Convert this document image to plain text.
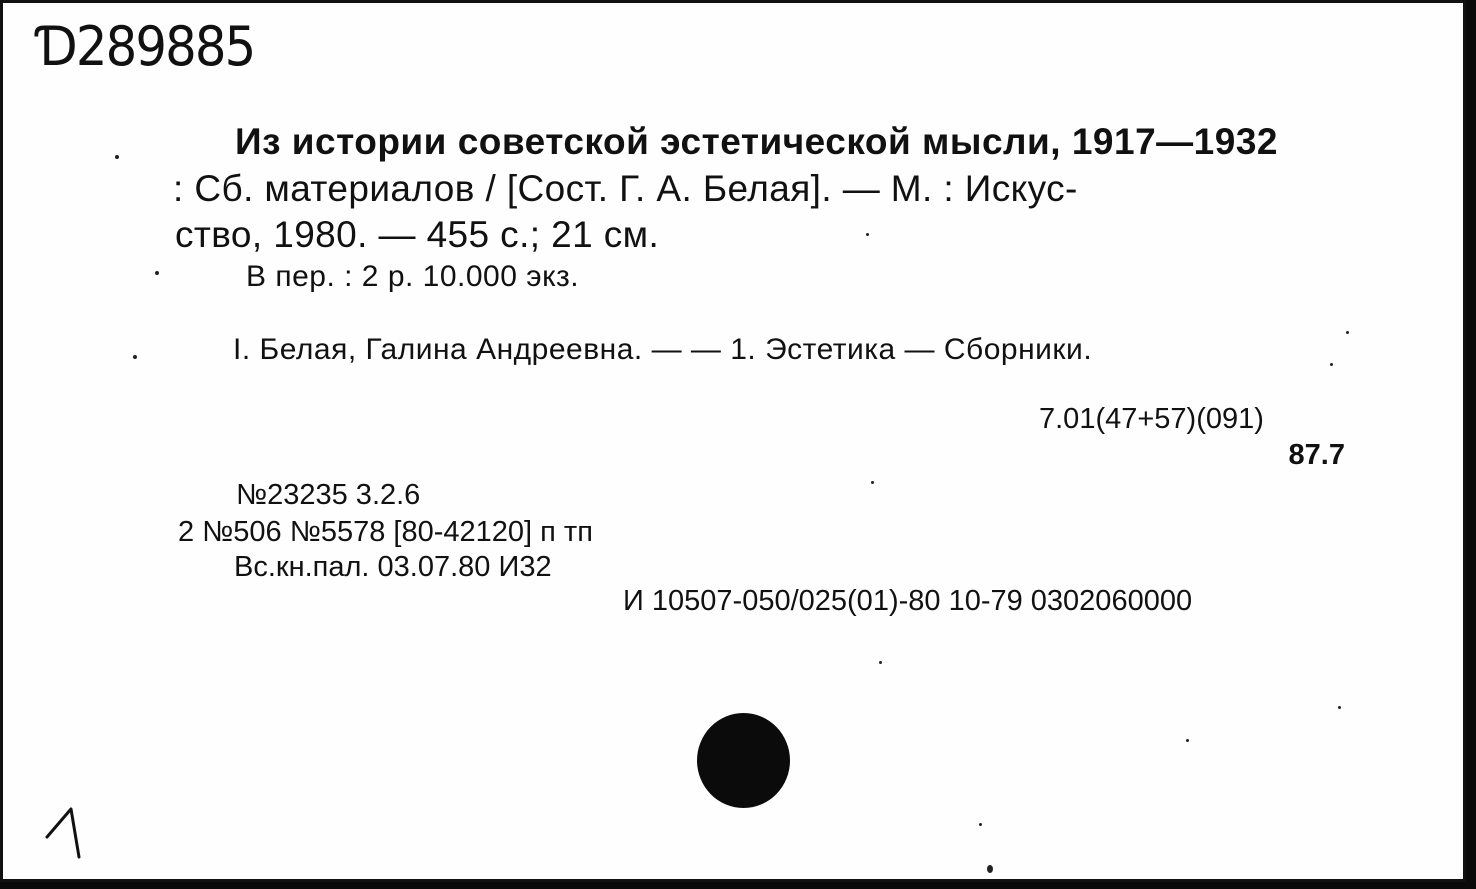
Ɗ289885
Из истории советской эстетической мысли, 1917—1932
: Сб. материалов / [Сост. Г. А. Белая]. — М. : Искус-
ство, 1980. — 455 с.; 21 см.
В пер. : 2 р. 10.000 экз.
I. Белая, Галина Андреевна. — — 1. Эстетика — Сборники.
7.01(47+57)(091)
87.7
№23235 3.2.6
2 №506 №5578 [80-42120] п тп
Вс.кн.пал. 03.07.80 И32
И 10507-050/025(01)-80 10-79 0302060000
